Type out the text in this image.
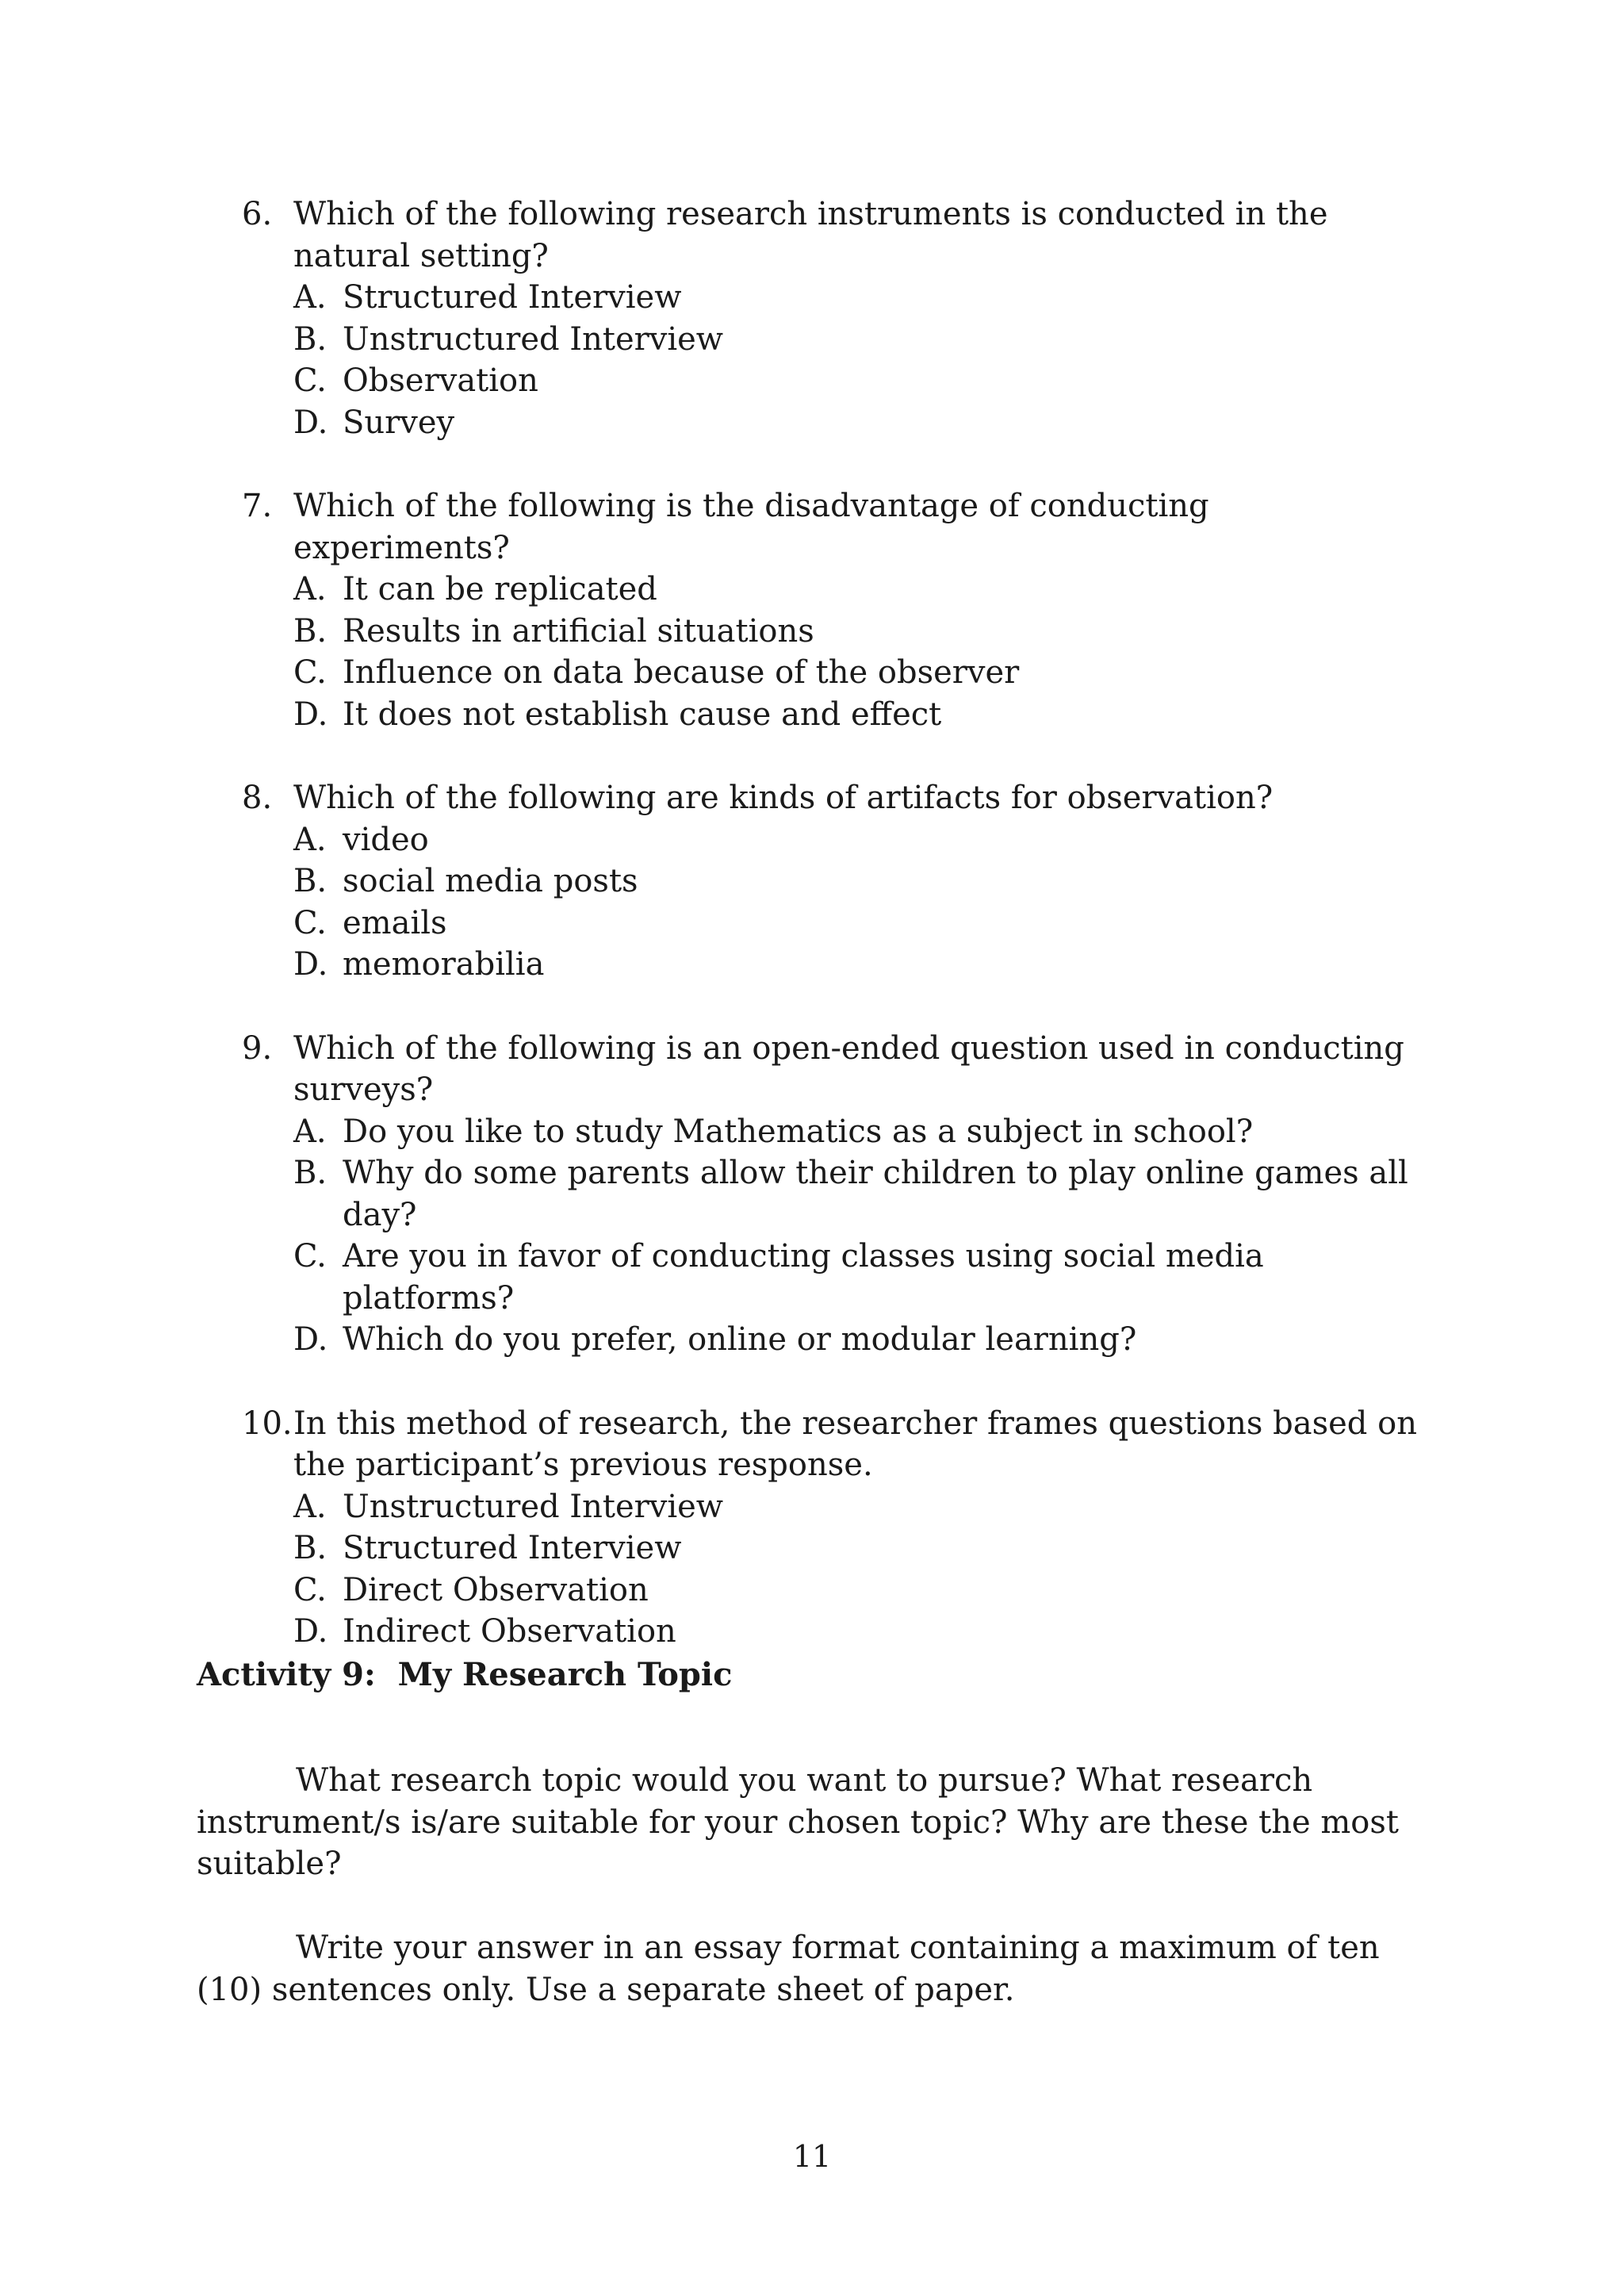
6. Which of the following research instruments is conducted in the natural setting?
A. Structured Interview
B. Unstructured Interview
C. Observation
D. Survey
7. Which of the following is the disadvantage of conducting experiments?
A. It can be replicated
B. Results in artificial situations
C. Influence on data because of the observer
D. It does not establish cause and effect
8. Which of the following are kinds of artifacts for observation?
A. video
B. social media posts
C. emails
D. memorabilia
9. Which of the following is an open-ended question used in conducting surveys?
A. Do you like to study Mathematics as a subject in school?
B. Why do some parents allow their children to play online games all day?
C. Are you in favor of conducting classes using social media platforms?
D. Which do you prefer, online or modular learning?
10. In this method of research, the researcher frames questions based on the participant’s previous response.
A. Unstructured Interview
B. Structured Interview
C. Direct Observation
D. Indirect Observation
Activity 9:  My Research Topic

What research topic would you want to pursue? What research instrument/s is/are suitable for your chosen topic? Why are these the most suitable?

Write your answer in an essay format containing a maximum of ten (10) sentences only. Use a separate sheet of paper.

11
